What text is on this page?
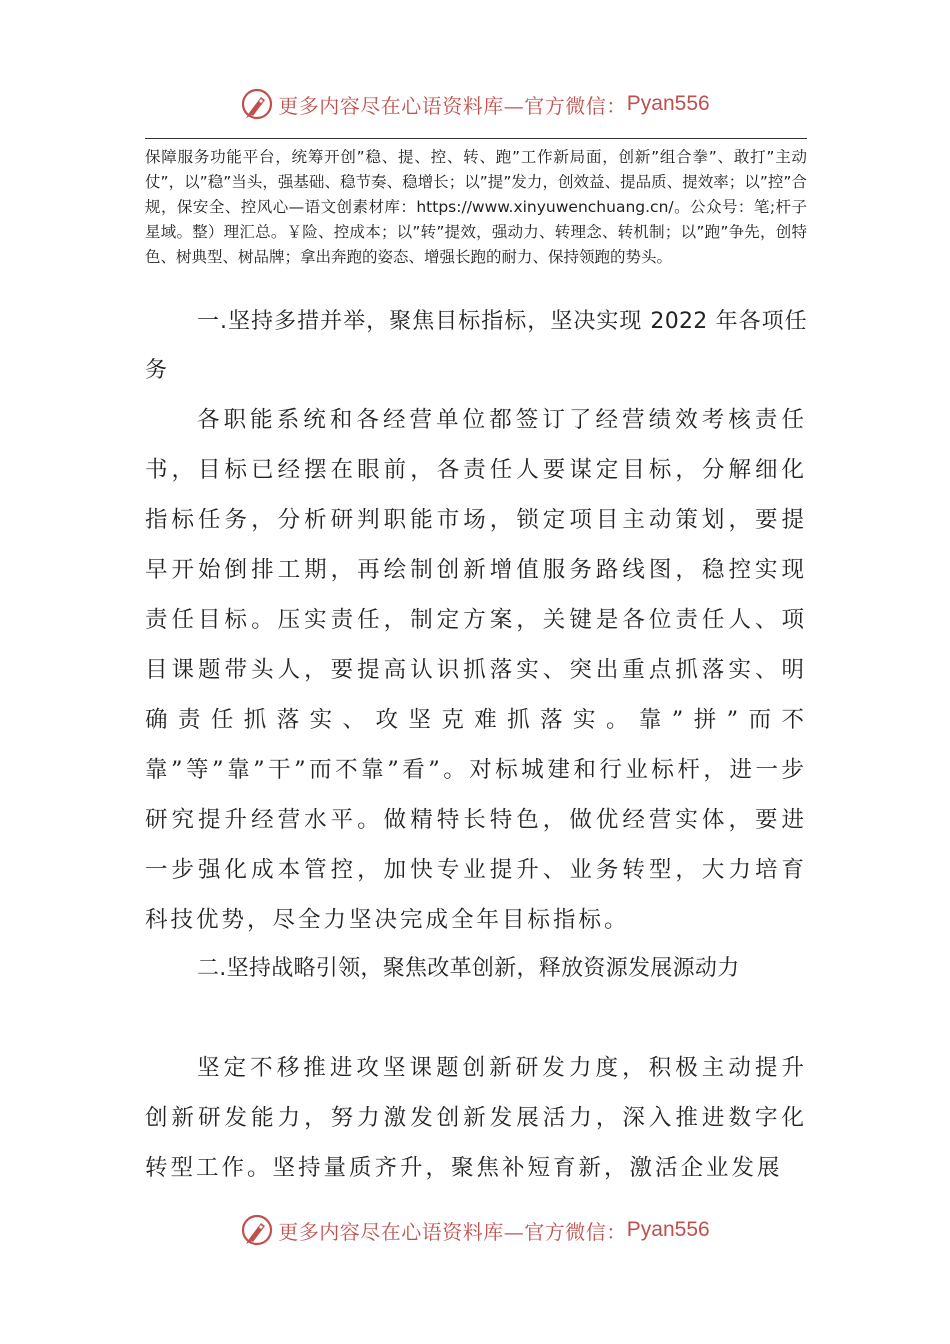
更多内容尽在心语资料库—官方微信： Pyan556
保障服务功能平台，统筹开创”稳、提、控、转、跑”工作新局面，创新”组合拳”、敢打”主动仗”，以”稳”当头，强基础、稳节奏、稳增长；以”提”发力，创效益、提品质、提效率；以”控”合规，保安全、控风心—语文创素材库：https://www.xinyuwenchuang.cn/。公众号：笔;杆子星域。整）理汇总。￥险、控成本；以”转”提效，强动力、转理念、转机制；以”跑”争先，创特色、树典型、树品牌；拿出奔跑的姿态、增强长跑的耐力、保持领跑的势头。
一.坚持多措并举，聚焦目标指标，坚决实现 2022 年各项任务
各职能系统和各经营单位都签订了经营绩效考核责任书，目标已经摆在眼前，各责任人要谋定目标，分解细化指标任务，分析研判职能市场，锁定项目主动策划，要提早开始倒排工期，再绘制创新增值服务路线图，稳控实现责任目标。压实责任，制定方案，关键是各位责任人、项目课题带头人，要提高认识抓落实、突出重点抓落实、明确责任抓落实、攻坚克难抓落实。靠”拼”而不靠”等”靠”干”而不靠”看”。对标城建和行业标杆，进一步研究提升经营水平。做精特长特色，做优经营实体，要进一步强化成本管控，加快专业提升、业务转型，大力培育科技优势，尽全力坚决完成全年目标指标。
二.坚持战略引领，聚焦改革创新，释放资源发展源动力
坚定不移推进攻坚课题创新研发力度，积极主动提升创新研发能力，努力激发创新发展活力，深入推进数字化转型工作。坚持量质齐升，聚焦补短育新，激活企业发展
更多内容尽在心语资料库—官方微信： Pyan556
